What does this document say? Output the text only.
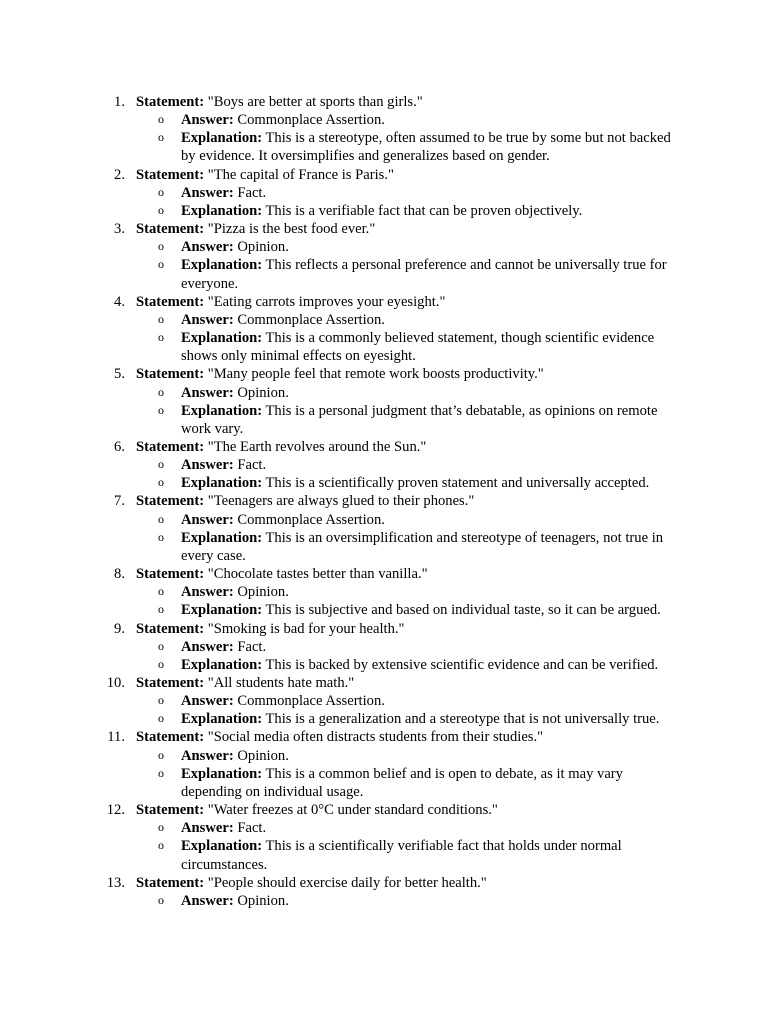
1. Statement: "Boys are better at sports than girls."
o Answer: Commonplace Assertion.
o Explanation: This is a stereotype, often assumed to be true by some but not backed by evidence. It oversimplifies and generalizes based on gender.
2. Statement: "The capital of France is Paris."
o Answer: Fact.
o Explanation: This is a verifiable fact that can be proven objectively.
3. Statement: "Pizza is the best food ever."
o Answer: Opinion.
o Explanation: This reflects a personal preference and cannot be universally true for everyone.
4. Statement: "Eating carrots improves your eyesight."
o Answer: Commonplace Assertion.
o Explanation: This is a commonly believed statement, though scientific evidence shows only minimal effects on eyesight.
5. Statement: "Many people feel that remote work boosts productivity."
o Answer: Opinion.
o Explanation: This is a personal judgment that’s debatable, as opinions on remote work vary.
6. Statement: "The Earth revolves around the Sun."
o Answer: Fact.
o Explanation: This is a scientifically proven statement and universally accepted.
7. Statement: "Teenagers are always glued to their phones."
o Answer: Commonplace Assertion.
o Explanation: This is an oversimplification and stereotype of teenagers, not true in every case.
8. Statement: "Chocolate tastes better than vanilla."
o Answer: Opinion.
o Explanation: This is subjective and based on individual taste, so it can be argued.
9. Statement: "Smoking is bad for your health."
o Answer: Fact.
o Explanation: This is backed by extensive scientific evidence and can be verified.
10. Statement: "All students hate math."
o Answer: Commonplace Assertion.
o Explanation: This is a generalization and a stereotype that is not universally true.
11. Statement: "Social media often distracts students from their studies."
o Answer: Opinion.
o Explanation: This is a common belief and is open to debate, as it may vary depending on individual usage.
12. Statement: "Water freezes at 0°C under standard conditions."
o Answer: Fact.
o Explanation: This is a scientifically verifiable fact that holds under normal circumstances.
13. Statement: "People should exercise daily for better health."
o Answer: Opinion.
